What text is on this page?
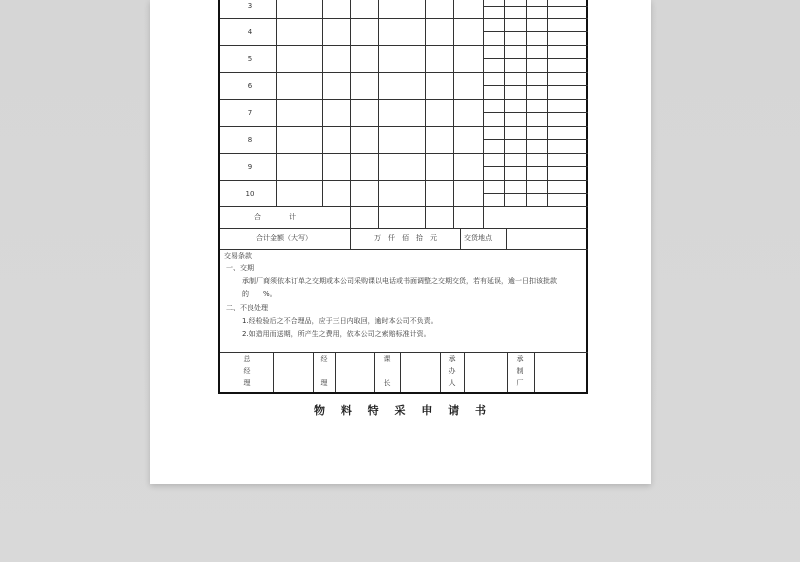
3
4
5
6
7
8
9
10
合　　　　计
合计金额（大写）	万　仟　佰　拾　元	交货地点
交易条款
一、交期
承制厂商须依本订单之交期或本公司采购课以电话或书面调整之交期交货，若有延误，逾一日扣该批款
的　　%。
二、不良处理
1.经检验后之不合理品，应于三日内取回，逾时本公司不负责。
2.如造用而送期，所产生之费用，依本公司之索赔标准计资。
总
经
理
经
理
课
长
承
办
人
承
制
厂
物 料 特 采 申 请 书
